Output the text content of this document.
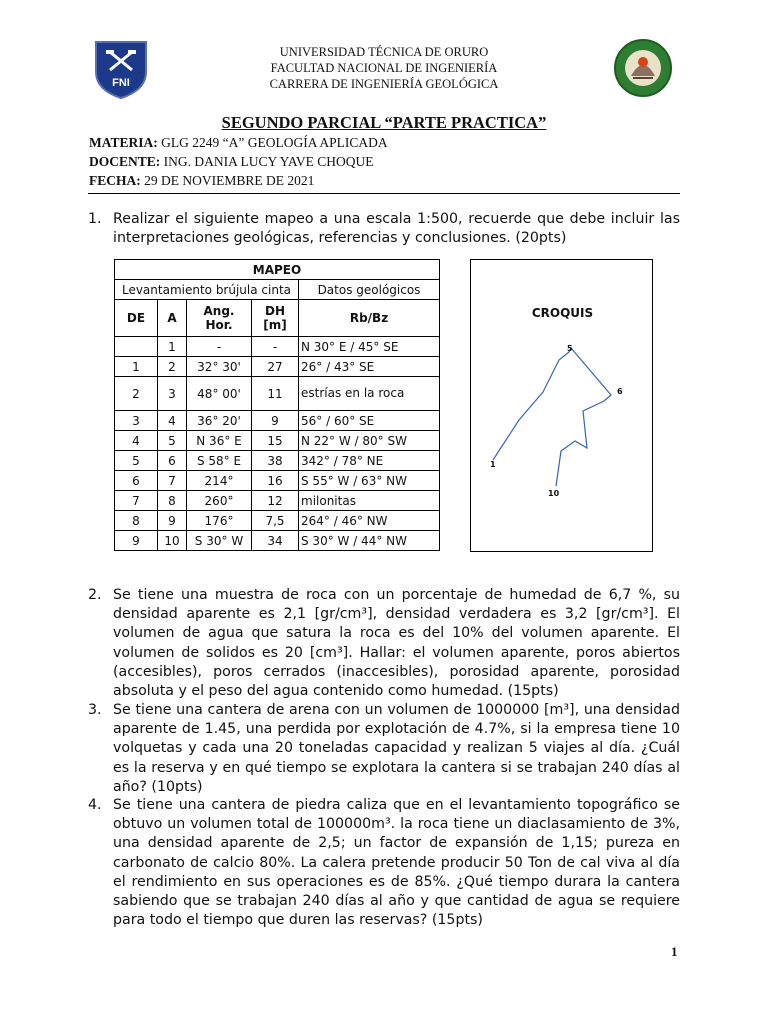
FNI
UNIVERSIDAD TÉCNICA DE ORURO
FACULTAD NACIONAL DE INGENIERÍA
CARRERA DE INGENIERÍA GEOLÓGICA
SEGUNDO PARCIAL “PARTE PRACTICA”
MATERIA: GLG 2249 “A” GEOLOGÍA APLICADA
DOCENTE: ING. DANIA LUCY YAVE CHOQUE
FECHA: 29 DE NOVIEMBRE DE 2021
1. Realizar el siguiente mapeo a una escala 1:500, recuerde que debe incluir las interpretaciones geológicas, referencias y conclusiones. (20pts)
MAPEO				
Levantamiento brújula cinta				Datos geológicos
DE	A	Ang. Hor.	DH [m]	Rb/Bz
	1	-	-	N 30° E / 45° SE
1	2	32° 30'	27	26° / 43° SE
2	3	48° 00'	11	estrías en la roca
3	4	36° 20'	9	56° / 60° SE
4	5	N 36° E	15	N 22° W / 80° SW
5	6	S 58° E	38	342° / 78° NE
6	7	214°	16	S 55° W / 63° NW
7	8	260°	12	milonitas
8	9	176°	7,5	264° / 46° NW
9	10	S 30° W	34	S 30° W / 44° NW
CROQUIS
5
6
1
10
2. Se tiene una muestra de roca con un porcentaje de humedad de 6,7 %, su densidad aparente es 2,1 [gr/cm³], densidad verdadera es 3,2 [gr/cm³]. El volumen de agua que satura la roca es del 10% del volumen aparente. El volumen de solidos es 20 [cm³]. Hallar: el volumen aparente, poros abiertos (accesibles), poros cerrados (inaccesibles), porosidad aparente, porosidad absoluta y el peso del agua contenido como humedad. (15pts)
3. Se tiene una cantera de arena con un volumen de 1000000 [m³], una densidad aparente de 1.45, una perdida por explotación de 4.7%, si la empresa tiene 10 volquetas y cada una 20 toneladas capacidad y realizan 5 viajes al día. ¿Cuál es la reserva y en qué tiempo se explotara la cantera si se trabajan 240 días al año? (10pts)
4. Se tiene una cantera de piedra caliza que en el levantamiento topográfico se obtuvo un volumen total de 100000m³. la roca tiene un diaclasamiento de 3%, una densidad aparente de 2,5; un factor de expansión de 1,15; pureza en carbonato de calcio 80%. La calera pretende producir 50 Ton de cal viva al día el rendimiento en sus operaciones es de 85%. ¿Qué tiempo durara la cantera sabiendo que se trabajan 240 días al año y que cantidad de agua se requiere para todo el tiempo que duren las reservas? (15pts)
1
